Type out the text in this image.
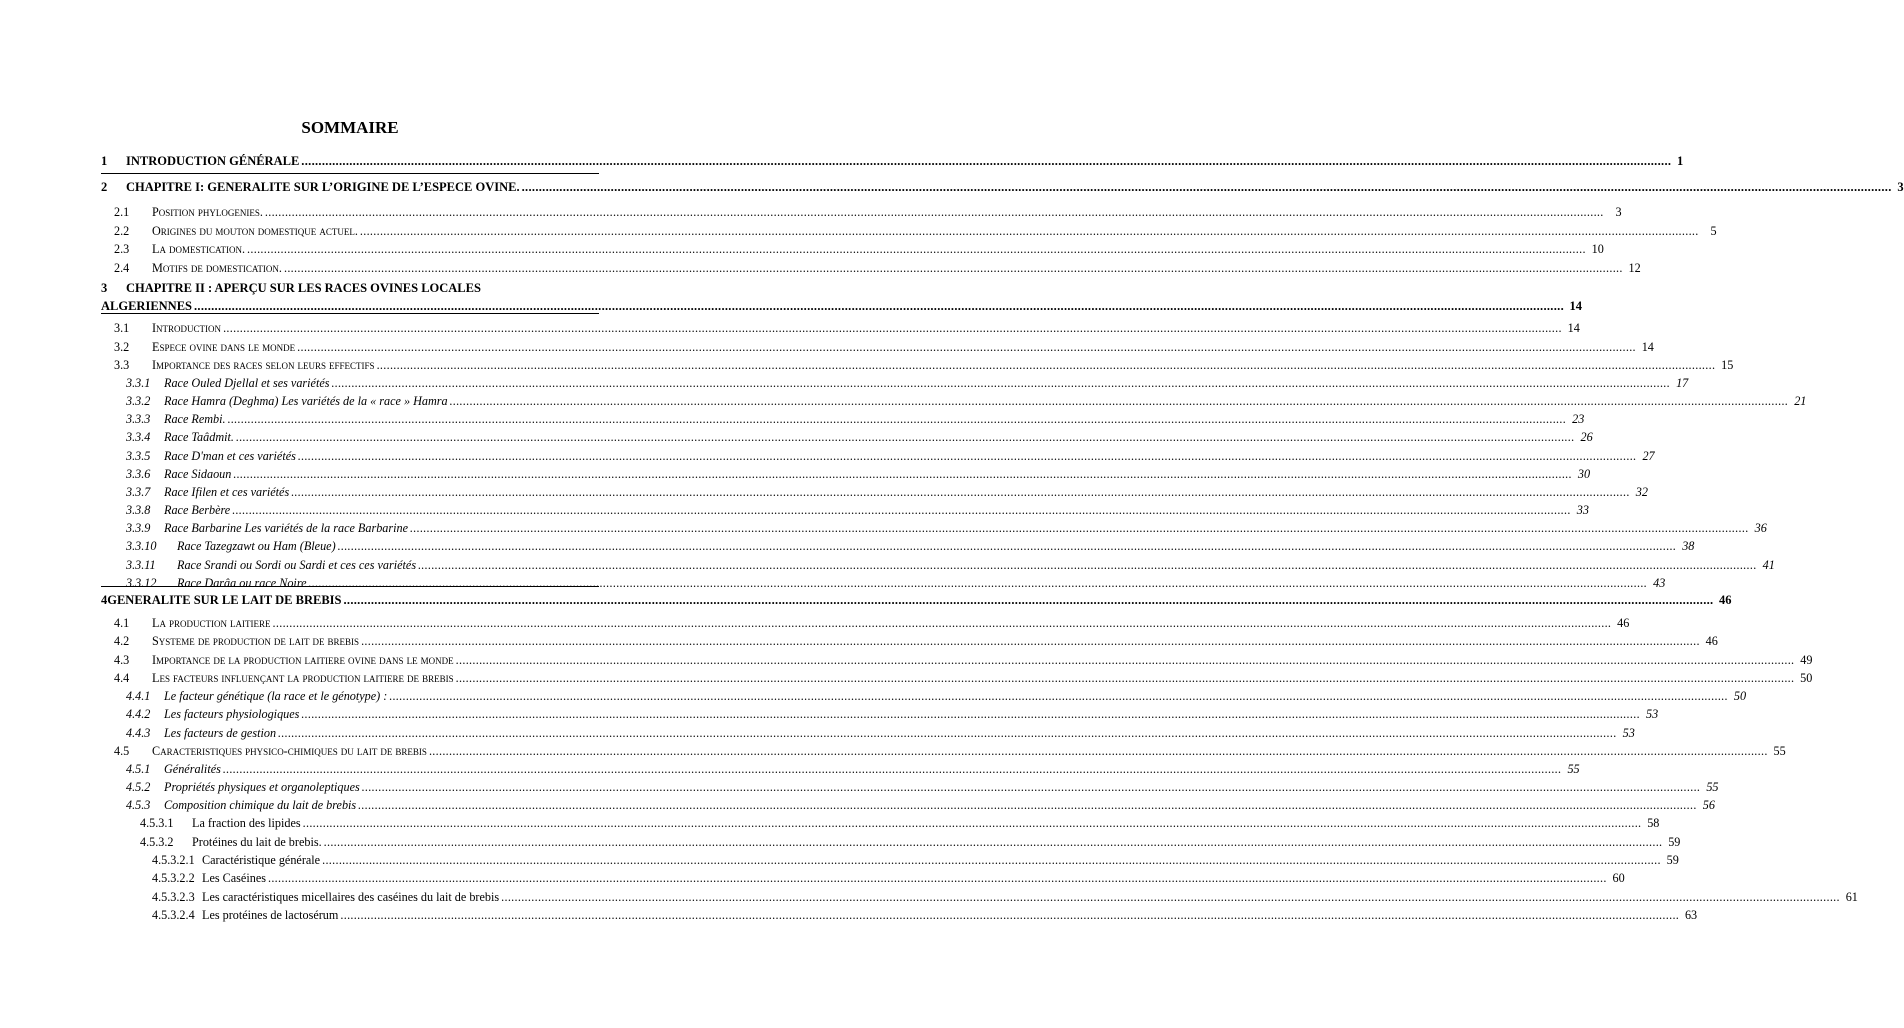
SOMMAIRE
1	INTRODUCTION GÉNÉRALE ................................................................................................................................................................................................................................................................................................................................................................................................................ 1
2	CHAPITRE I: GENERALITE SUR L’ORIGINE DE L’ESPECE OVINE. ................................................................................................................................................................................................................................................................................................................................................................................................................ 3
2.1	Position phylogenies. ................................................................................................................................................................................................................................................................................................................................................................................................................ 3
2.2	Origines du mouton domestique actuel. ................................................................................................................................................................................................................................................................................................................................................................................................................ 5
2.3	La domestication. ................................................................................................................................................................................................................................................................................................................................................................................................................ 10
2.4	Motifs de domestication. ................................................................................................................................................................................................................................................................................................................................................................................................................ 12
3	CHAPITRE II : APERÇU SUR LES RACES OVINES LOCALES
ALGERIENNES ................................................................................................................................................................................................................................................................................................................................................................................................................ 14
3.1	Introduction ................................................................................................................................................................................................................................................................................................................................................................................................................ 14
3.2	Espece ovine dans le monde ................................................................................................................................................................................................................................................................................................................................................................................................................ 14
3.3	Importance des races selon leurs effectifs ................................................................................................................................................................................................................................................................................................................................................................................................................ 15
3.3.1	Race Ouled Djellal et ses variétés ................................................................................................................................................................................................................................................................................................................................................................................................................ 17
3.3.2	Race Hamra (Deghma) Les variétés de la « race » Hamra ................................................................................................................................................................................................................................................................................................................................................................................................................ 21
3.3.3	Race Rembi. ................................................................................................................................................................................................................................................................................................................................................................................................................ 23
3.3.4	Race Taâdmit. ................................................................................................................................................................................................................................................................................................................................................................................................................ 26
3.3.5	Race D'man et ces variétés ................................................................................................................................................................................................................................................................................................................................................................................................................ 27
3.3.6	Race Sidaoun ................................................................................................................................................................................................................................................................................................................................................................................................................ 30
3.3.7	Race Ifilen et ces variétés ................................................................................................................................................................................................................................................................................................................................................................................................................ 32
3.3.8	Race Berbère ................................................................................................................................................................................................................................................................................................................................................................................................................ 33
3.3.9	Race Barbarine Les variétés de la race Barbarine ................................................................................................................................................................................................................................................................................................................................................................................................................ 36
3.3.10	Race Tazegzawt ou Ham (Bleue) ................................................................................................................................................................................................................................................................................................................................................................................................................ 38
3.3.11	Race Srandi ou Sordi ou Sardi et ces ces variétés ................................................................................................................................................................................................................................................................................................................................................................................................................ 41
3.3.12	Race Darâa ou race Noire ................................................................................................................................................................................................................................................................................................................................................................................................................ 43
4 GENERALITE SUR LE LAIT DE BREBIS ................................................................................................................................................................................................................................................................................................................................................................................................................ 46
4.1	La production laitiere ................................................................................................................................................................................................................................................................................................................................................................................................................ 46
4.2	Systeme de production de lait de brebis ................................................................................................................................................................................................................................................................................................................................................................................................................ 46
4.3	Importance de la production laitiere ovine dans le monde ................................................................................................................................................................................................................................................................................................................................................................................................................ 49
4.4	Les facteurs influençant la production laitiere de brebis ................................................................................................................................................................................................................................................................................................................................................................................................................ 50
4.4.1	Le facteur génétique (la race et le génotype) : ................................................................................................................................................................................................................................................................................................................................................................................................................ 50
4.4.2	Les facteurs physiologiques ................................................................................................................................................................................................................................................................................................................................................................................................................ 53
4.4.3	Les facteurs de gestion ................................................................................................................................................................................................................................................................................................................................................................................................................ 53
4.5	Caracteristiques physico-chimiques du lait de brebis ................................................................................................................................................................................................................................................................................................................................................................................................................ 55
4.5.1	Généralités ................................................................................................................................................................................................................................................................................................................................................................................................................ 55
4.5.2	Propriétés physiques et organoleptiques ................................................................................................................................................................................................................................................................................................................................................................................................................ 55
4.5.3	Composition chimique du lait de brebis ................................................................................................................................................................................................................................................................................................................................................................................................................ 56
4.5.3.1	La fraction des lipides ................................................................................................................................................................................................................................................................................................................................................................................................................ 58
4.5.3.2	Protéines du lait de brebis. ................................................................................................................................................................................................................................................................................................................................................................................................................ 59
4.5.3.2.1 Caractéristique générale ................................................................................................................................................................................................................................................................................................................................................................................................................ 59
4.5.3.2.2 Les Caséines ................................................................................................................................................................................................................................................................................................................................................................................................................ 60
4.5.3.2.3 Les caractéristiques micellaires des caséines du lait de brebis ................................................................................................................................................................................................................................................................................................................................................................................................................ 61
4.5.3.2.4 Les protéines de lactosérum ................................................................................................................................................................................................................................................................................................................................................................................................................ 63
